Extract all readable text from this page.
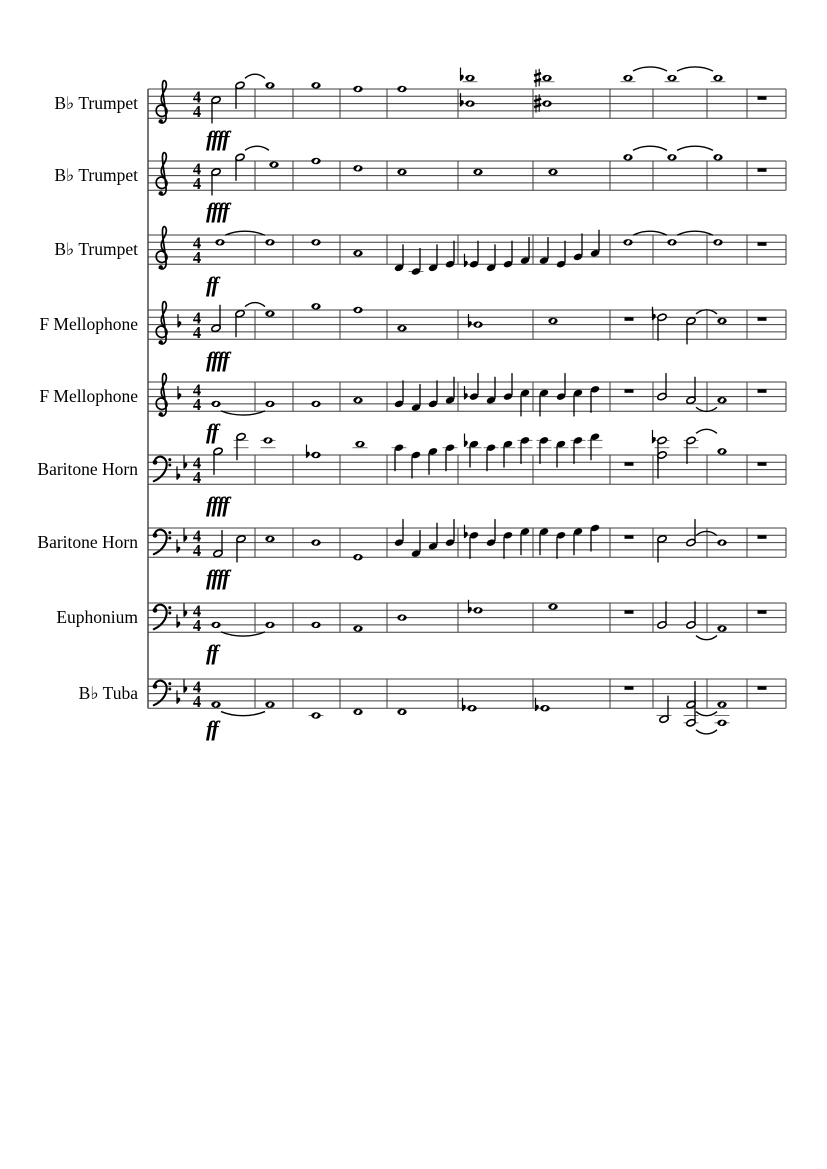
4
4
B♭ Trumpet
ffff
4
4
B♭ Trumpet
ffff
4
4
B♭ Trumpet
ff
4
4
F Mellophone
ffff
4
4
F Mellophone
ff
4
4
Baritone Horn
ffff
4
4
Baritone Horn
ffff
4
4
Euphonium
ff
4
4
B♭ Tuba
ff
